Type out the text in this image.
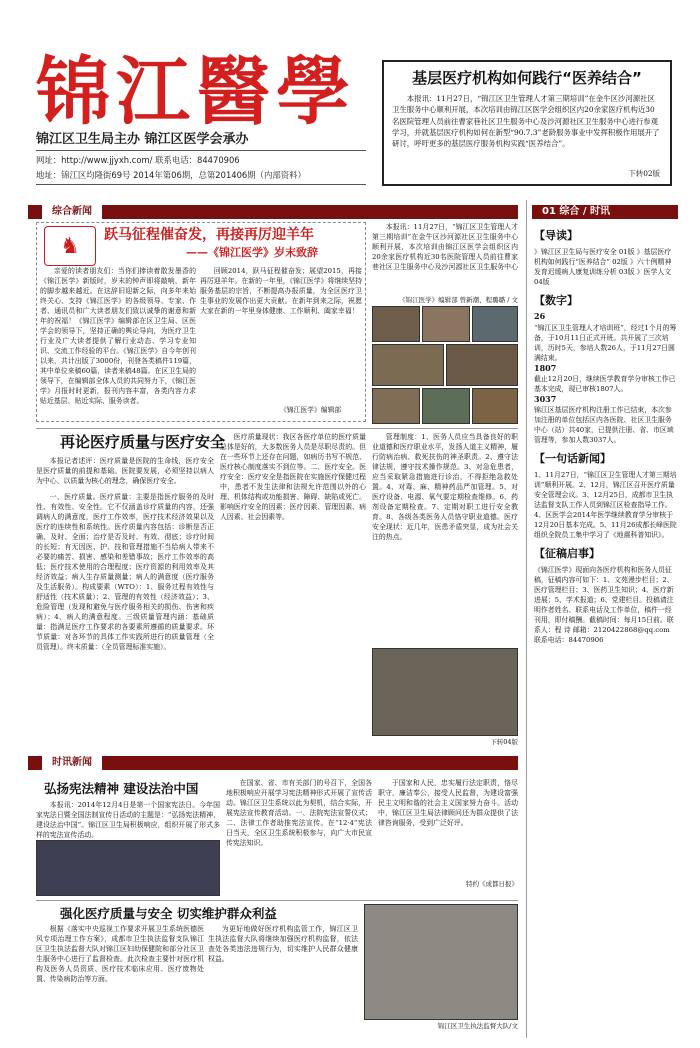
锦江醫學
锦江区卫生局主办 锦江区医学会承办
网址：http://www.jjyxh.com/ 联系电话：84470906
地址：锦江区均隆街69号 2014年第06期，总第201406期（内部资料）
基层医疗机构如何践行“医养结合”

本报讯：11月27日，“锦江区卫生管理人才第三期培训”在金牛区沙河源社区卫生服务中心顺利开展，本次培训由锦江区医学会组织区内20余家医疗机构近30名医院管理人员前往曹家巷社区卫生服务中心及沙河源社区卫生服务中心进行参观学习，并就基层医疗机构如何在新型“90.7.3”老龄服务事业中发挥积极作用展开了研讨，呼吁更多的基层医疗服务机构实践“医养结合”。

下转02版
综合新闻	01 综合 / 时讯
♞	跃马征程催奋发，再接再厉迎羊年
——《锦江医学》岁末致辞

亲爱的读者朋友们：当你们捧读着散发墨香的《锦江医学》新版时，岁末的钟声即将敲响，新年的脚步越来越近。在这辞旧迎新之际，向多年来始终关心、支持《锦江医学》的各级领导、专家、作者、通讯员和广大读者朋友们致以诚挚的谢意和新年的祝福！《锦江医学》编辑部在区卫生局、区医学会的领导下，坚持正确的舆论导向，为医疗卫生行业及广大读者提供了解行业动态、学习专业知识、交流工作经验的平台。《锦江医学》自今年创刊以来，共计出版了3000份，刊登各类稿件119篇，其中单位来稿60篇，读者来稿48篇。在区卫生局的领导下，在编辑部全体人员的共同努力下，《锦江医学》月报时时更新，报刊内容丰富，各类内容力求贴近基层、贴近实际、服务读者。

回顾2014，跃马征程催奋发；展望2015，再接再厉迎羊年。在新的一年里，《锦江医学》将继续坚持服务基层的宗旨，不断提高办报质量，为全区医疗卫生事业的发展作出更大贡献。在新年到来之际，祝愿大家在新的一年里身体健康、工作顺利、阖家幸福！

《锦江医学》编辑部

本报讯：11月27日，“锦江区卫生管理人才第三期培训”在金牛区沙河源社区卫生服务中心顺利开展，本次培训由锦江区医学会组织区内20余家医疗机构近30名医院管理人员前往曹家巷社区卫生服务中心及沙河源社区卫生服务中心

《锦江医学》编辑部 曾新潮、程璐璐 / 文
再论医疗质量与医疗安全

本报记者述评：医疗质量是医院的生命线，医疗安全是医疗质量的前提和基础。医院要发展，必须坚持以病人为中心、以质量为核心的理念，确保医疗安全。

一、医疗质量。医疗质量：主要是指医疗服务的及时性、有效性、安全性。它不仅涵盖诊疗质量的内容，还强调病人的满意度，医疗工作效率，医疗技术经济效果以及医疗的连续性和系统性。医疗质量内容包括：诊断是否正确、及时、全面；治疗是否及时、有效、彻底；诊疗时间的长短；有无因医、护、技和管理措施不当给病人带来不必要的痛苦、损害、感染和差错事故；医疗工作效率的高低；医疗技术使用的合理程度；医疗资源的利用效率及其经济效益；病人生存质量测量；病人的满意度（医疗服务及生活服务）。构成要素（WTO）：1、服务过程有效性与舒适性（技术质量）；2、管理的有效性（经济效益）；3、危险管理（发现和避免与医疗服务相关的损伤、伤害和疾病）；4、病人的满意程度。三级质量管理内涵：基础质量：指满足医疗工作要求的各要素所遵循的质量要求。环节质量：对各环节的具体工作实践所进行的质量管理（全员管理）。终末质量：（全员管理标准实施）。

医疗质量现状：我区各医疗单位的医疗质量总体是好的，大多数医务人员是尽职尽责的。但在一些环节上还存在问题，如病历书写不规范、医疗核心制度落实不到位等。二、医疗安全。医疗安全：医疗安全是指医院在实施医疗保健过程中，患者不发生法律和法规允许范围以外的心理、机体结构或功能损害、障碍、缺陷或死亡。影响医疗安全的因素：医疗因素、管理因素、病人因素、社会因素等。

管理制度：1、医务人员应当具备良好的职业道德和医疗职业水平，发扬人道主义精神，履行防病治病、救死扶伤的神圣职责。2、遵守法律法规，遵守技术操作规范。3、对急危患者，应当采取紧急措施进行诊治，不得拒绝急救处置。4、对毒、麻、精神药品严加管理。5、对医疗设备、电源、氧气要定期检查维修。6、药剂设备定期检查。7、定期对职工进行安全教育。8、各级各类医务人员恪守职业道德。医疗安全现状：近几年，医患矛盾突显，成为社会关注的热点。

下转04版
时讯新闻
弘扬宪法精神 建设法治中国

本报讯：2014年12月4日是第一个国家宪法日。今年国家宪法日暨全国法制宣传日活动的主题是：“弘扬宪法精神，建设法治中国”。锦江区卫生局积极响应，组织开展了形式多样的宪法宣传活动。

在国家、省、市有关部门的号召下，全国各地积极响应开展学习宪法精神形式开展了宣传活动。锦江区卫生系统以此为契机，结合实际，开展宪法宣传教育活动。一、法院宪法宣誓仪式；二、法律工作者助推宪法宣传。在“12·4”宪法日当天，全区卫生系统积极参与，向广大市民宣传宪法知识。

于国家和人民，忠实履行法定职责，恪尽职守，廉洁奉公，接受人民监督，为建设富强民主文明和谐的社会主义国家努力奋斗。活动中，锦江区卫生局法律顾问还为群众提供了法律咨询服务，受到广泛好评。

特约《成都日报》
强化医疗质量与安全 切实维护群众利益

根据《落实中央巡视工作要求开展卫生系统医德医风专项治理工作方案》，成都市卫生执法监督支队锦江区卫生执法监督大队对锦江区妇幼保健院和部分社区卫生服务中心进行了监督检查。此次检查主要针对医疗机构及医务人员资质、医疗技术临床应用、医疗废物处置、传染病防治等方面。

为更好地做好医疗机构监管工作，锦江区卫生执法监督大队将继续加强医疗机构监督，依法查处各类违法违规行为，切实维护人民群众健康权益。

锦江区卫生执法监督大队/文
【导读】

》锦江区卫生局与医疗安全 01版 》基层医疗机构如何践行“医养结合” 02版 》六十例精神发育迟缓病人康复训练分析 03版 》医学人文 04版

【数字】
26

“锦江区卫生管理人才培训班”，经过1个月的筹备，于10月11日正式开班。共开展了三次培训，历时5天，参培人数26人，于11月27日圆满结束。

1807

截止12月20日，继续医学教育学分审核工作已基本完成，现已审核1807人。

3037

锦江区基层医疗机构注册工作已结束，本次参加注册的单位包括区内各医院、社区卫生服务中心（站）共40家，已提供注册、省、市区域管理等，参加人数3037人。

【一句话新闻】

1、11月27日，“锦江区卫生管理人才第三期培训”顺利开展。2、12月，锦江区召开医疗质量安全管理会议。3、12月25日，成都市卫生执法监督支队工作人员到锦江区检查指导工作。4、区医学会2014年医学继续教育学分审核于12月20日基本完成。5、11月26成都长峰医院组织全院员工集中学习了《地震科普知识》。

【征稿启事】

《锦江医学》现面向各医疗机构和医务人员征稿，征稿内容可如下：1、文苑漫步栏目；2、医疗管理栏目；3、医药卫生知识；4、医疗新进展；5、学术报道；6、党建栏目。投稿请注明作者姓名、联系电话及工作单位，稿件一经刊用，即付稿酬。截稿时间：每月15日前。联系人：程 诗 邮箱：2120422868@qq.com 联系电话：84470906
